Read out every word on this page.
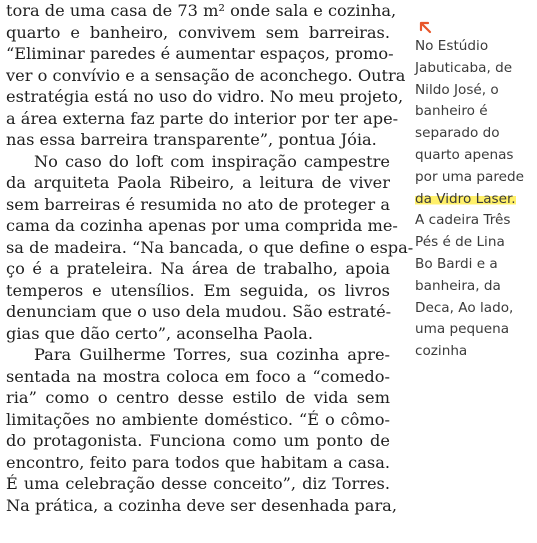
tora de uma casa de 73 m² onde sala e cozinha,
quarto e banheiro, convivem sem barreiras.
“Eliminar paredes é aumentar espaços, promo-
ver o convívio e a sensação de aconchego. Outra
estratégia está no uso do vidro. No meu projeto,
a área externa faz parte do interior por ter ape-
nas essa barreira transparente”, pontua Jóia.
No caso do loft com inspiração campestre
da arquiteta Paola Ribeiro, a leitura de viver
sem barreiras é resumida no ato de proteger a
cama da cozinha apenas por uma comprida me-
sa de madeira. “Na bancada, o que define o espa-
ço é a prateleira. Na área de trabalho, apoia
temperos e utensílios. Em seguida, os livros
denunciam que o uso dela mudou. São estraté-
gias que dão certo”, aconselha Paola.
Para Guilherme Torres, sua cozinha apre-
sentada na mostra coloca em foco a “comedo-
ria” como o centro desse estilo de vida sem
limitações no ambiente doméstico. “É o cômo-
do protagonista. Funciona como um ponto de
encontro, feito para todos que habitam a casa.
É uma celebração desse conceito”, diz Torres.
Na prática, a cozinha deve ser desenhada para,
No Estúdio
Jabuticaba, de
Nildo José, o
banheiro é
separado do
quarto apenas
por uma parede
da Vidro Laser.
A cadeira Três
Pés é de Lina
Bo Bardi e a
banheira, da
Deca, Ao lado,
uma pequena
cozinha
